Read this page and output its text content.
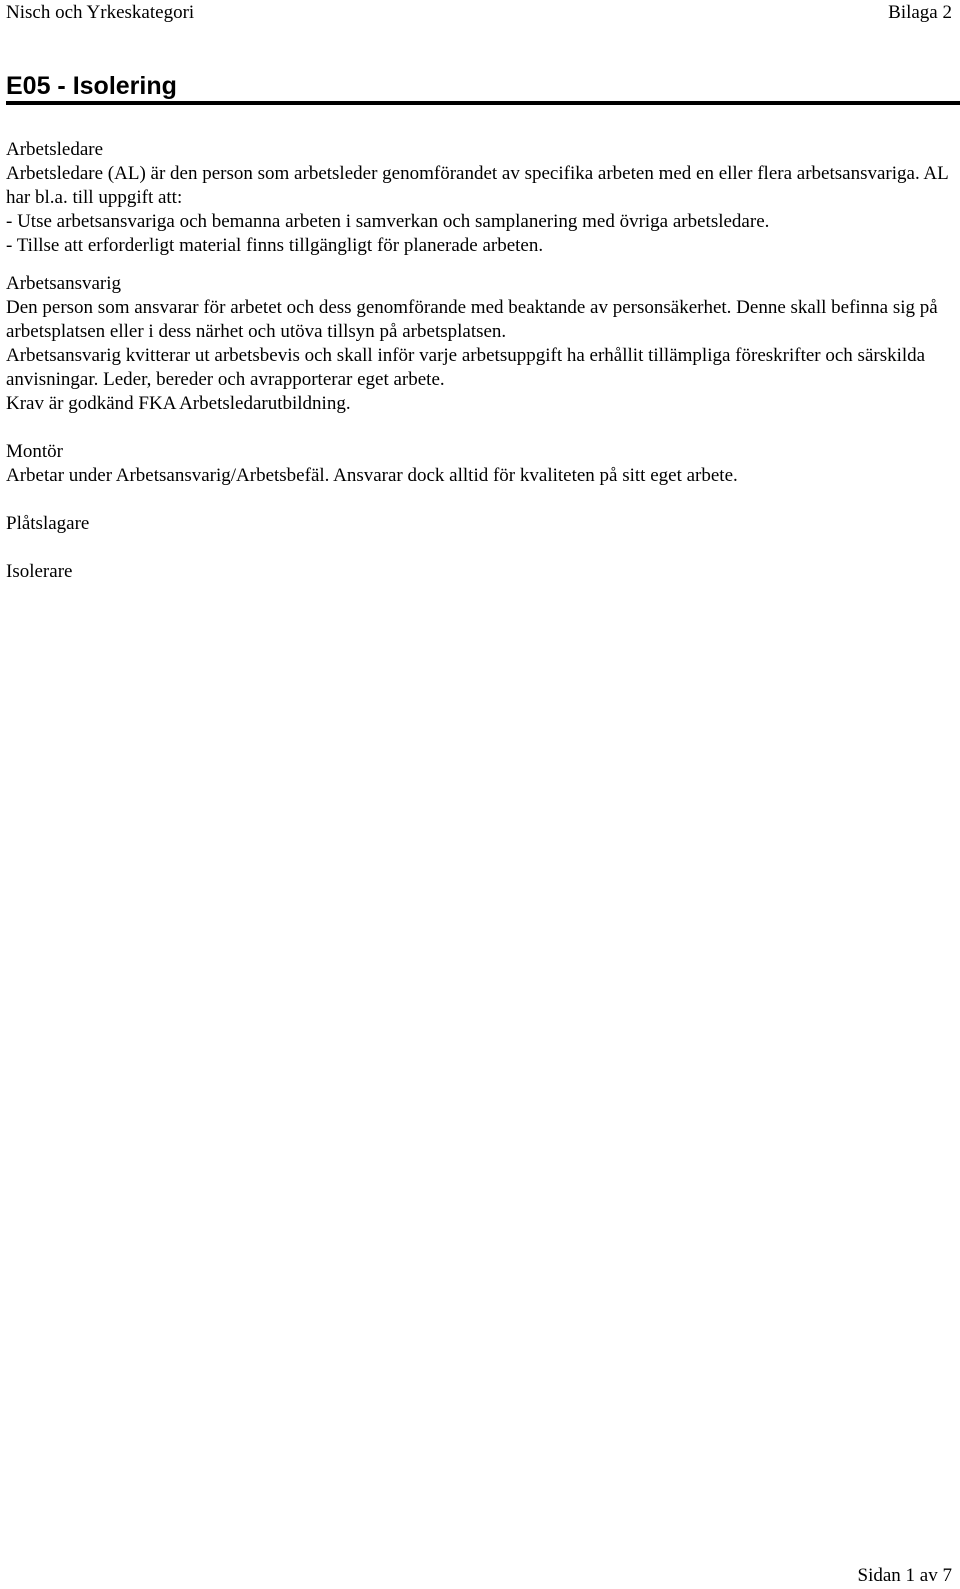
Nisch och Yrkeskategori	Bilaga 2
E05 - Isolering
Arbetsledare

Arbetsledare (AL) är den person som arbetsleder genomförandet av specifika arbeten med en eller flera arbetsansvariga. AL har bl.a. till uppgift att:

- Utse arbetsansvariga och bemanna arbeten i samverkan och samplanering med övriga arbetsledare.

- Tillse att erforderligt material finns tillgängligt för planerade arbeten.

Arbetsansvarig

Den person som ansvarar för arbetet och dess genomförande med beaktande av personsäkerhet. Denne skall befinna sig på arbetsplatsen eller i dess närhet och utöva tillsyn på arbetsplatsen.

Arbetsansvarig kvitterar ut arbetsbevis och skall inför varje arbetsuppgift ha erhållit tillämpliga föreskrifter och särskilda anvisningar. Leder, bereder och avrapporterar eget arbete.

Krav är godkänd FKA Arbetsledarutbildning.

Montör

Arbetar under Arbetsansvarig/Arbetsbefäl. Ansvarar dock alltid för kvaliteten på sitt eget arbete.

Plåtslagare
Isolerare
Sidan 1 av 7
